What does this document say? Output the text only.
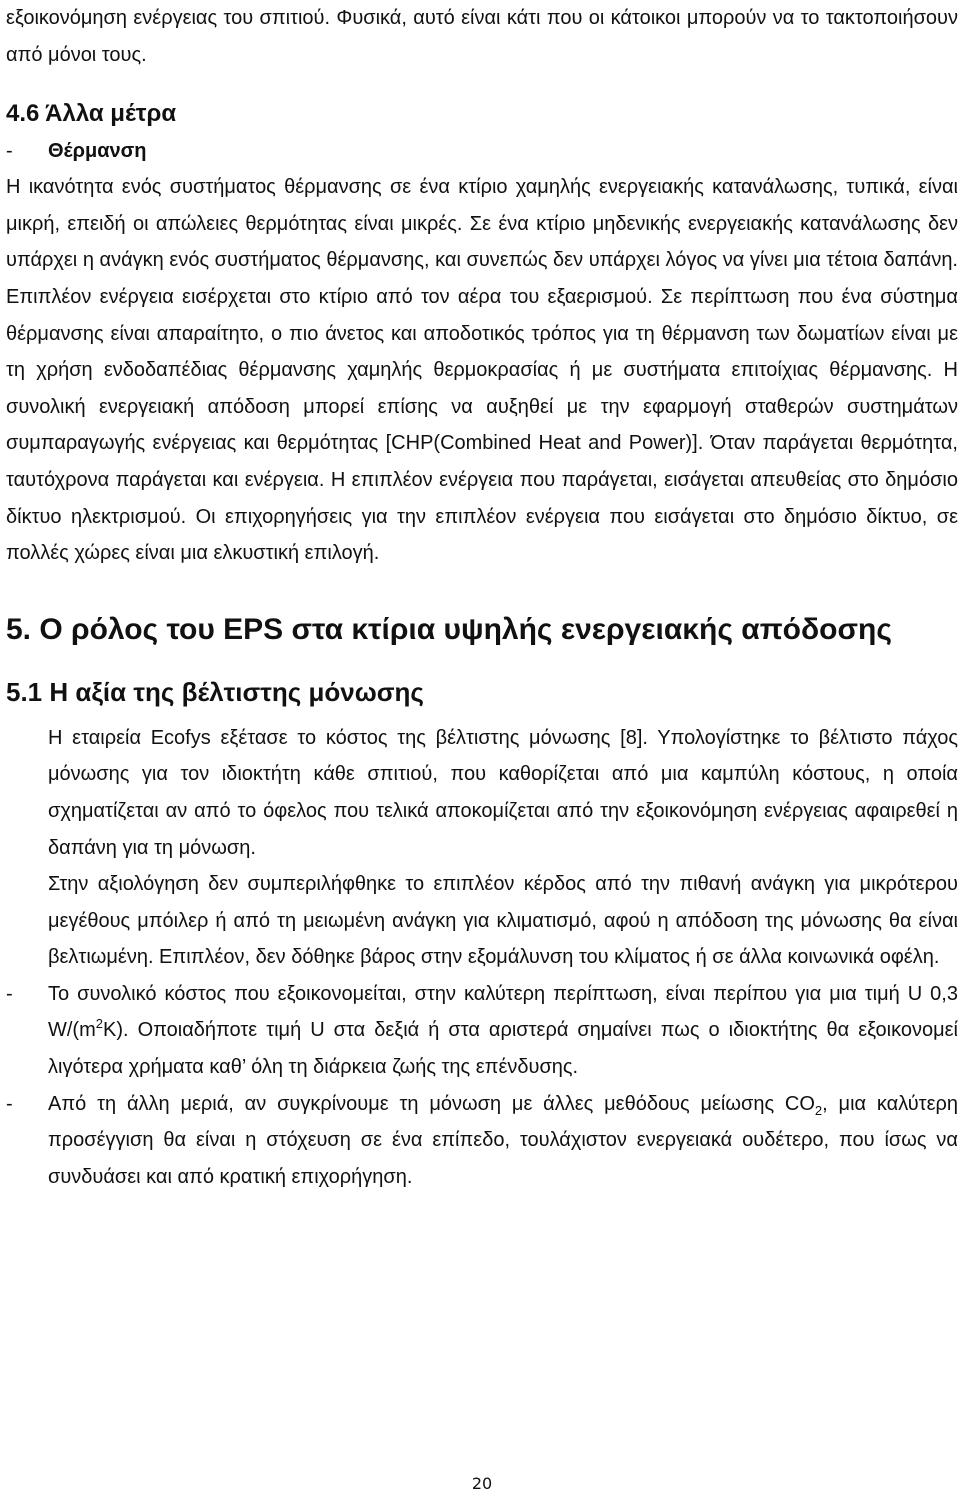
εξοικονόμηση ενέργειας του σπιτιού. Φυσικά, αυτό είναι κάτι που οι κάτοικοι μπορούν να το τακτοποιήσουν από μόνοι τους.

4.6 Άλλα μέτρα

- Θέρμανση

Η ικανότητα ενός συστήματος θέρμανσης σε ένα κτίριο χαμηλής ενεργειακής κατανάλωσης, τυπικά, είναι μικρή, επειδή οι απώλειες θερμότητας είναι μικρές. Σε ένα κτίριο μηδενικής ενεργειακής κατανάλωσης δεν υπάρχει η ανάγκη ενός συστήματος θέρμανσης, και συνεπώς δεν υπάρχει λόγος να γίνει μια τέτοια δαπάνη. Επιπλέον ενέργεια εισέρχεται στο κτίριο από τον αέρα του εξαερισμού. Σε περίπτωση που ένα σύστημα θέρμανσης είναι απαραίτητο, ο πιο άνετος και αποδοτικός τρόπος για τη θέρμανση των δωματίων είναι με τη χρήση ενδοδαπέδιας θέρμανσης χαμηλής θερμοκρασίας ή με συστήματα επιτοίχιας θέρμανσης. Η συνολική ενεργειακή απόδοση μπορεί επίσης να αυξηθεί με την εφαρμογή σταθερών συστημάτων συμπαραγωγής ενέργειας και θερμότητας [CHP(Combined Heat and Power)]. Όταν παράγεται θερμότητα, ταυτόχρονα παράγεται και ενέργεια. Η επιπλέον ενέργεια που παράγεται, εισάγεται απευθείας στο δημόσιο δίκτυο ηλεκτρισμού. Οι επιχορηγήσεις για την επιπλέον ενέργεια που εισάγεται στο δημόσιο δίκτυο, σε πολλές χώρες είναι μια ελκυστική επιλογή.

5. Ο ρόλος του EPS στα κτίρια υψηλής ενεργειακής απόδοσης
5.1 Η αξία της βέλτιστης μόνωσης

Η εταιρεία Ecofys εξέτασε το κόστος της βέλτιστης μόνωσης [8]. Υπολογίστηκε το βέλτιστο πάχος μόνωσης για τον ιδιοκτήτη κάθε σπιτιού, που καθορίζεται από μια καμπύλη κόστους, η οποία σχηματίζεται αν από το όφελος που τελικά αποκομίζεται από την εξοικονόμηση ενέργειας αφαιρεθεί η δαπάνη για τη μόνωση.

Στην αξιολόγηση δεν συμπεριλήφθηκε το επιπλέον κέρδος από την πιθανή ανάγκη για μικρότερου μεγέθους μπόιλερ ή από τη μειωμένη ανάγκη για κλιματισμό, αφού η απόδοση της μόνωσης θα είναι βελτιωμένη. Επιπλέον, δεν δόθηκε βάρος στην εξομάλυνση του κλίματος ή σε άλλα κοινωνικά οφέλη.

- Το συνολικό κόστος που εξοικονομείται, στην καλύτερη περίπτωση, είναι περίπου για μια τιμή U 0,3 $W/(m^2K)$. Οποιαδήποτε τιμή U στα δεξιά ή στα αριστερά σημαίνει πως ο ιδιοκτήτης θα εξοικονομεί λιγότερα χρήματα καθ’ όλη τη διάρκεια ζωής της επένδυσης.

- Από τη άλλη μεριά, αν συγκρίνουμε τη μόνωση με άλλες μεθόδους μείωσης $CO_2$, μια καλύτερη προσέγγιση θα είναι η στόχευση σε ένα επίπεδο, τουλάχιστον ενεργειακά ουδέτερο, που ίσως να συνδυάσει και από κρατική επιχορήγηση.

20
